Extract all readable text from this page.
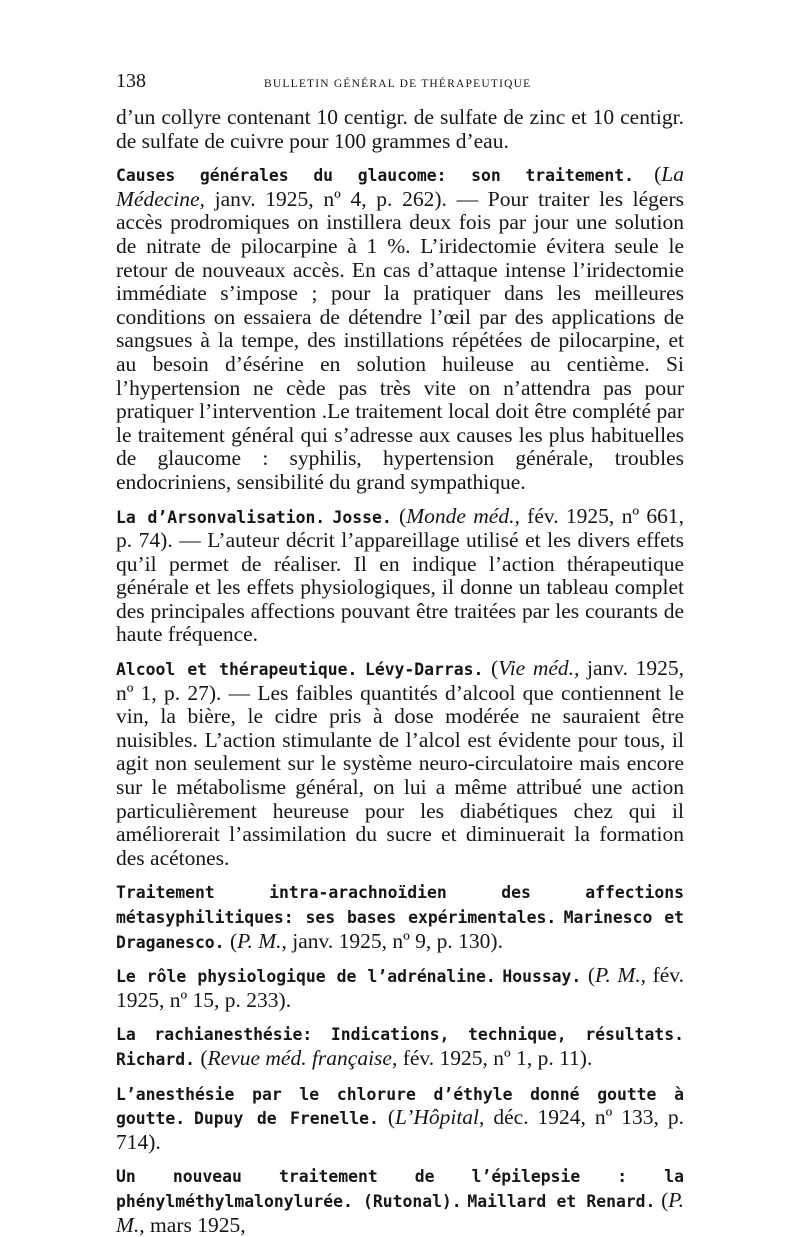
138	BULLETIN GÉNÉRAL DE THÉRAPEUTIQUE

d’un collyre contenant 10 centigr. de sulfate de zinc et 10 centigr. de sulfate de cuivre pour 100 grammes d’eau.

Causes générales du glaucome: son traitement. (La Médecine, janv. 1925, nº 4, p. 262). — Pour traiter les légers accès prodromiques on instillera deux fois par jour une solution de nitrate de pilocarpine à 1 %. L’iridectomie évitera seule le retour de nouveaux accès. En cas d’attaque intense l’iridectomie immédiate s’impose ; pour la pratiquer dans les meilleures conditions on essaiera de détendre l’œil par des applications de sangsues à la tempe, des instillations répétées de pilocarpine, et au besoin d’ésérine en solution huileuse au centième. Si l’hypertension ne cède pas très vite on n’attendra pas pour pratiquer l’intervention .Le traitement local doit être complété par le traitement général qui s’adresse aux causes les plus habituelles de glaucome : syphilis, hypertension générale, troubles endocriniens, sensibilité du grand sympathique.

La d’Arsonvalisation. Josse. (Monde méd., fév. 1925, nº 661, p. 74). — L’auteur décrit l’appareillage utilisé et les divers effets qu’il permet de réaliser. Il en indique l’action thérapeutique générale et les effets physiologiques, il donne un tableau complet des principales affections pouvant être traitées par les courants de haute fréquence.

Alcool et thérapeutique. Lévy-Darras. (Vie méd., janv. 1925, nº 1, p. 27). — Les faibles quantités d’alcool que contiennent le vin, la bière, le cidre pris à dose modérée ne sauraient être nuisibles. L’action stimulante de l’alcol est évidente pour tous, il agit non seulement sur le système neuro-circulatoire mais encore sur le métabolisme général, on lui a même attribué une action particulièrement heureuse pour les diabétiques chez qui il améliorerait l’assimilation du sucre et diminuerait la formation des acétones.

Traitement intra-arachnoïdien des affections métasyphilitiques: ses bases expérimentales. Marinesco et Draganesco. (P. M., janv. 1925, nº 9, p. 130).

Le rôle physiologique de l’adrénaline. Houssay. (P. M., fév. 1925, nº 15, p. 233).

La rachianesthésie: Indications, technique, résultats. Richard. (Revue méd. française, fév. 1925, nº 1, p. 11).

L’anesthésie par le chlorure d’éthyle donné goutte à goutte. Dupuy de Frenelle. (L’Hôpital, déc. 1924, nº 133, p. 714).

Un nouveau traitement de l’épilepsie : la phénylméthylmalonylurée. (Rutonal). Maillard et Renard. (P. M., mars 1925,
